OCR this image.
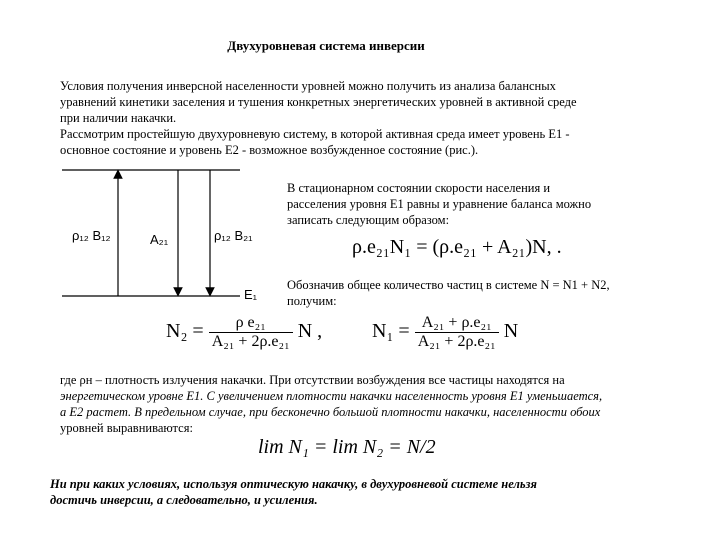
Двухуровневая система инверсии
Условия получения инверсной населенности уровней можно получить из анализа балансных
уравнений кинетики заселения и тушения конкретных энергетических уровней в активной среде
при наличии накачки.
Рассмотрим простейшую двухуровневую систему, в которой активная среда имеет уровень E1 -
основное состояние и уровень E2 - возможное возбужденное состояние (рис.).
ρ₁₂ B₁₂	A₂₁	ρ₁₂ B₂₁
E₁
В стационарном состоянии скорости населения и
расселения уровня E1 равны и уравнение баланса можно
записать следующим образом:
ρ.e₂₁N₁ = (ρ.e₂₁ + A₂₁)N, .
Обозначив общее количество частиц в системе N = N1 + N2,
получим:
$N_2 = \frac{\text{ρ e₂₁}}{\text{A₂₁ + 2ρ.e₂₁}}$ N , $N_1 = \frac{\text{A₂₁ + ρ.e₂₁}}{\text{A₂₁ + 2ρ.e₂₁}}$ N
где ρн – плотность излучения накачки. При отсутствии возбуждения все частицы находятся на
энергетическом уровне E1. С увеличением плотности накачки населенность уровня E1 уменьшается,
а E2 растет. В предельном случае, при бесконечно большой плотности накачки, населенности обоих
уровней выравниваются:
lim N₁ = lim N₂ = N/2
Ни при каких условиях, используя оптическую накачку, в двухуровневой системе нельзя
достичь инверсии, а следовательно, и усиления.
